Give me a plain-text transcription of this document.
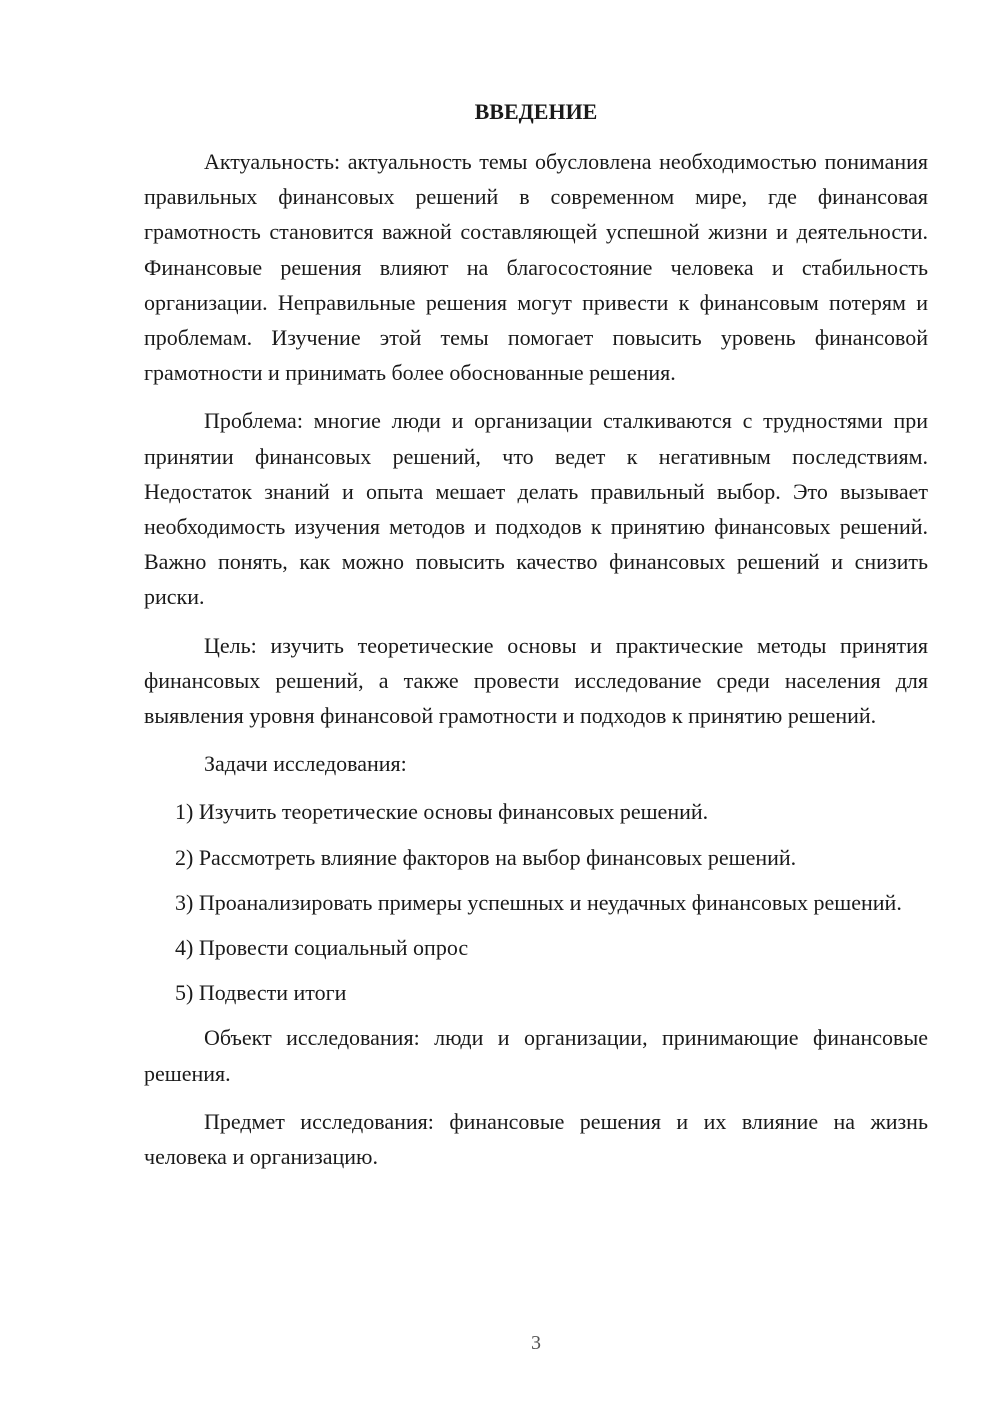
ВВЕДЕНИЕ

Актуальность: актуальность темы обусловлена необходимостью понимания правильных финансовых решений в современном мире, где финансовая грамотность становится важной составляющей успешной жизни и деятельности. Финансовые решения влияют на благосостояние человека и стабильность организации. Неправильные решения могут привести к финансовым потерям и проблемам. Изучение этой темы помогает повысить уровень финансовой грамотности и принимать более обоснованные решения.

Проблема: многие люди и организации сталкиваются с трудностями при принятии финансовых решений, что ведет к негативным последствиям. Недостаток знаний и опыта мешает делать правильный выбор. Это вызывает необходимость изучения методов и подходов к принятию финансовых решений. Важно понять, как можно повысить качество финансовых решений и снизить риски.

Цель: изучить теоретические основы и практические методы принятия финансовых решений, а также провести исследование среди населения для выявления уровня финансовой грамотности и подходов к принятию решений.

Задачи исследования:

1) Изучить теоретические основы финансовых решений.

2) Рассмотреть влияние факторов на выбор финансовых решений.

3) Проанализировать примеры успешных и неудачных финансовых решений.

4) Провести социальный опрос

5) Подвести итоги

Объект исследования: люди и организации, принимающие финансовые решения.

Предмет исследования: финансовые решения и их влияние на жизнь человека и организацию.

3
